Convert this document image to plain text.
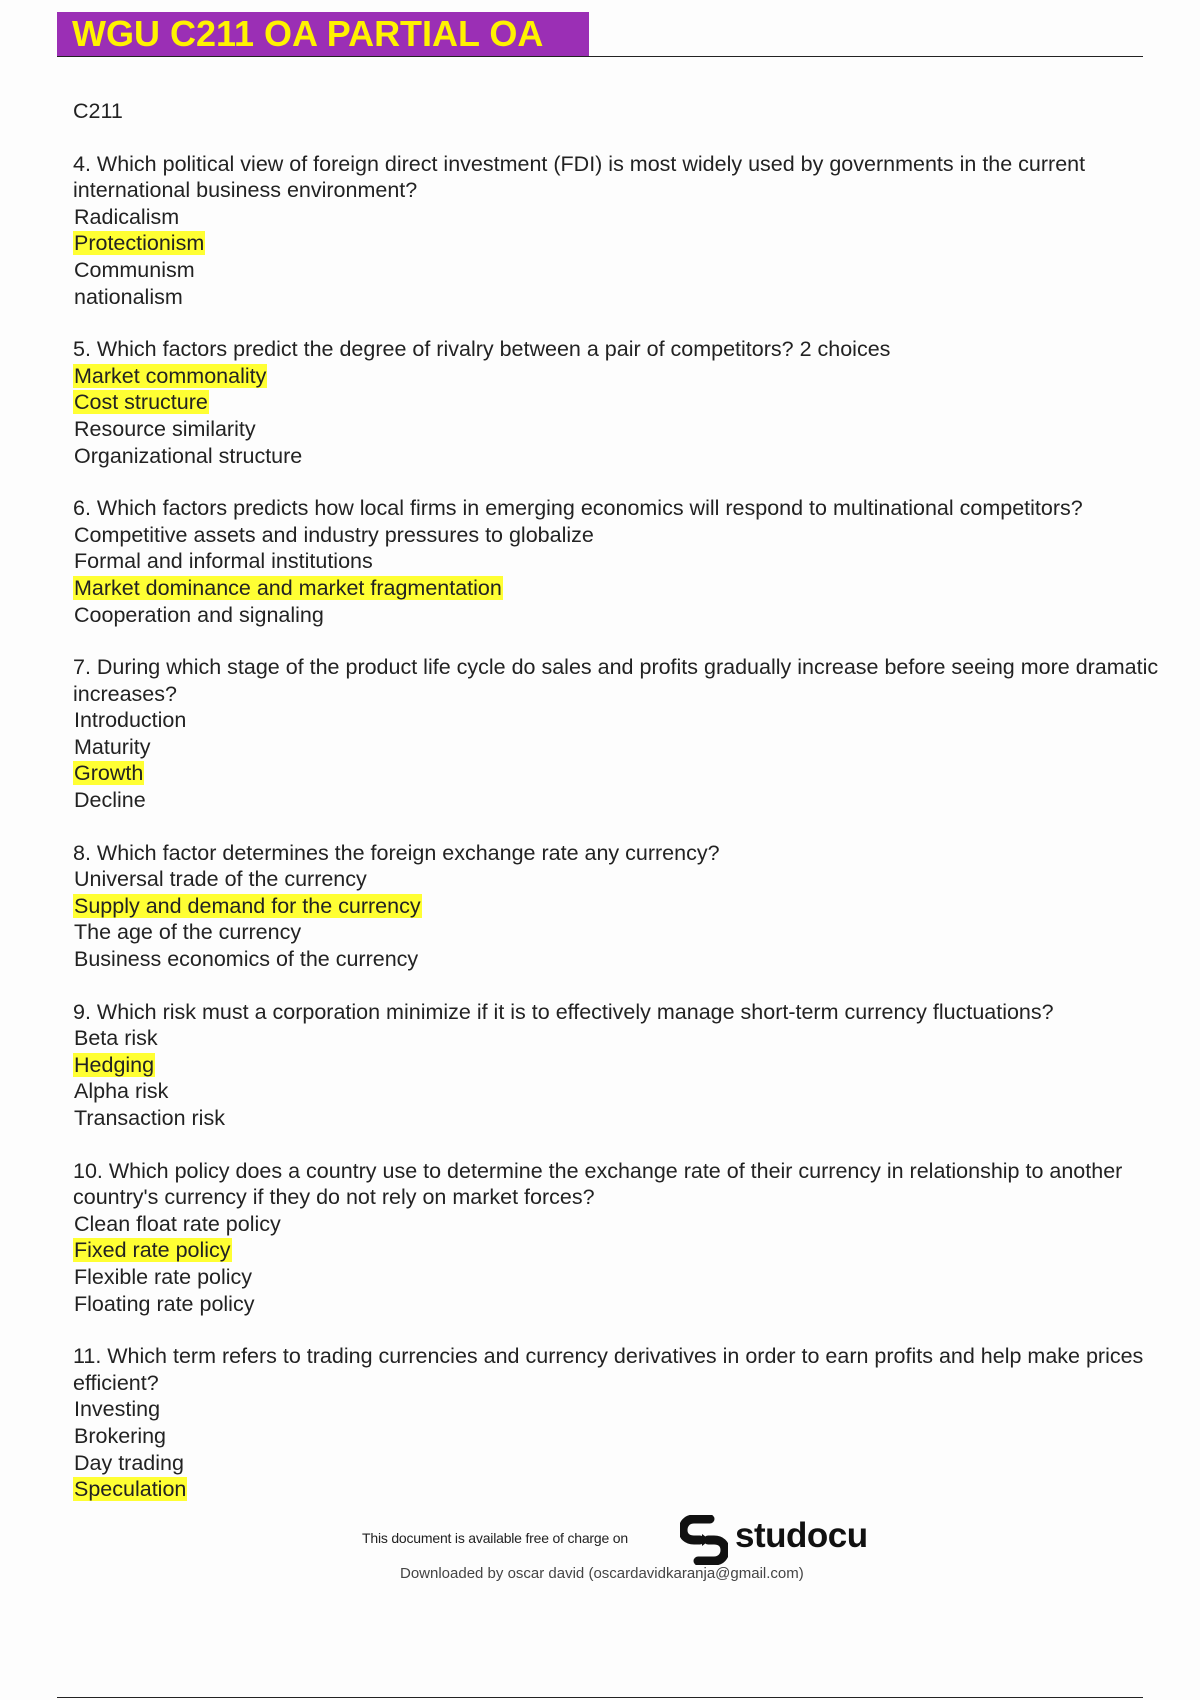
WGU C211 OA PARTIAL OA

C211

4. Which political view of foreign direct investment (FDI) is most widely used by governments in the current international business environment?

Radicalism

Protectionism

Communism

nationalism

5. Which factors predict the degree of rivalry between a pair of competitors? 2 choices

Market commonality

Cost structure

Resource similarity

Organizational structure

6. Which factors predicts how local firms in emerging economics will respond to multinational competitors?

Competitive assets and industry pressures to globalize

Formal and informal institutions

Market dominance and market fragmentation

Cooperation and signaling

7. During which stage of the product life cycle do sales and profits gradually increase before seeing more dramatic increases?

Introduction

Maturity

Growth

Decline

8. Which factor determines the foreign exchange rate any currency?

Universal trade of the currency

Supply and demand for the currency

The age of the currency

Business economics of the currency

9. Which risk must a corporation minimize if it is to effectively manage short-term currency fluctuations?

Beta risk

Hedging

Alpha risk

Transaction risk

10. Which policy does a country use to determine the exchange rate of their currency in relationship to another country's currency if they do not rely on market forces?

Clean float rate policy

Fixed rate policy

Flexible rate policy

Floating rate policy

11. Which term refers to trading currencies and currency derivatives in order to earn profits and help make prices efficient?

Investing

Brokering

Day trading

Speculation

This document is available free of charge on	studocu
Downloaded by oscar david (oscardavidkaranja@gmail.com)
